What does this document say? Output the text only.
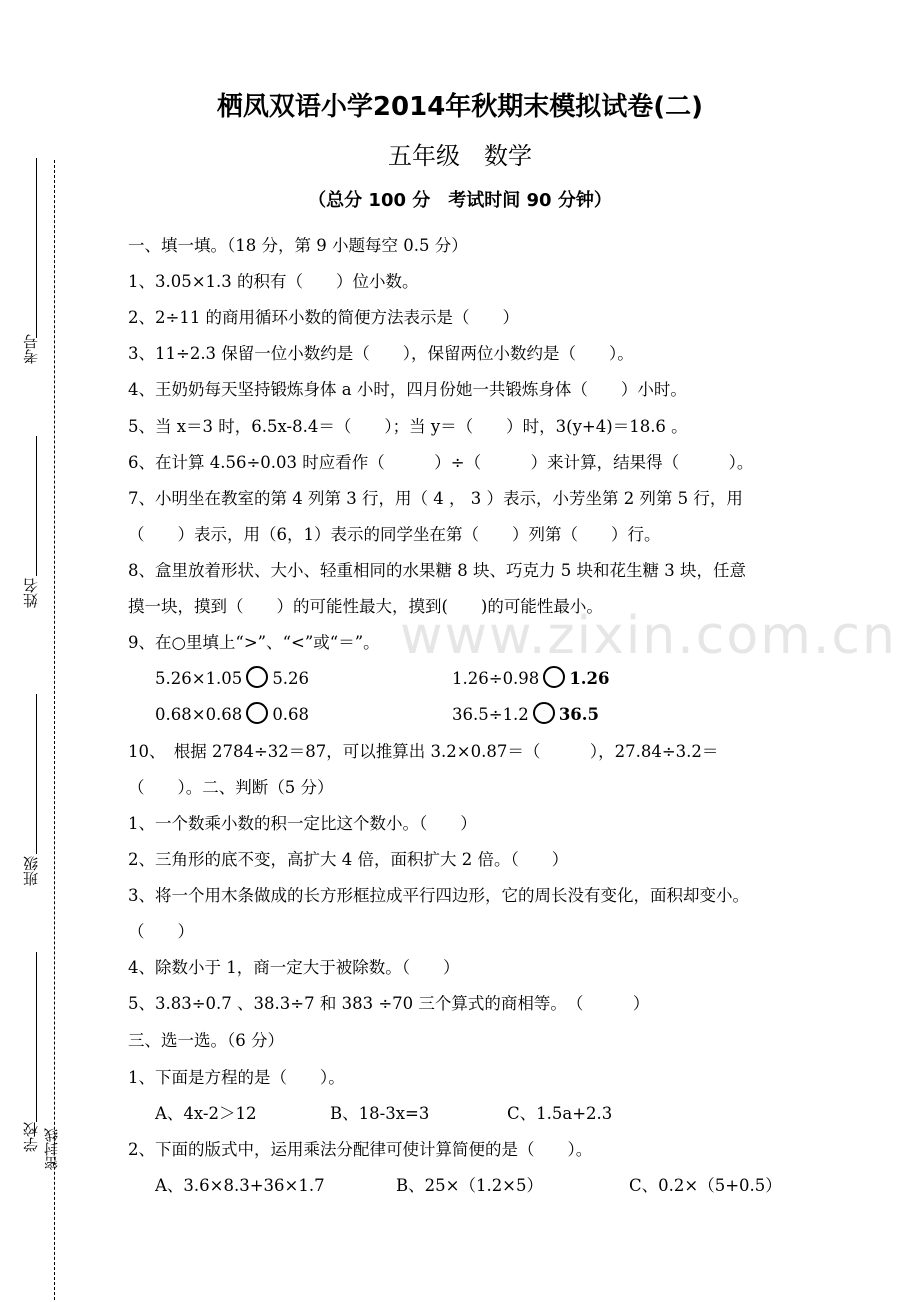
考号
姓名
班级
学校 密封线
www.zixin.com.cn
栖凤双语小学2014年秋期末模拟试卷(二)
五年级　数学
（总分 100 分　考试时间 90 分钟）
一、填一填。（18 分，第 9 小题每空 0.5 分）
1、3.05×1.3 的积有（　　）位小数。
2、2÷11 的商用循环小数的简便方法表示是（　　）
3、11÷2.3 保留一位小数约是（　　），保留两位小数约是（　　）。
4、王奶奶每天坚持锻炼身体 a 小时，四月份她一共锻炼身体（　　）小时。
5、当 x＝3 时，6.5x-8.4＝（　　）；当 y＝（　　）时，3(y+4)＝18.6 。
6、在计算 4.56÷0.03 时应看作（　　　）÷（　　　）来计算，结果得（　　　）。
7、小明坐在教室的第 4 列第 3 行，用（ 4 ， 3 ）表示，小芳坐第 2 列第 5 行，用
（　　）表示，用（6，1）表示的同学坐在第（　　）列第（　　）行。
8、盒里放着形状、大小、轻重相同的水果糖 8 块、巧克力 5 块和花生糖 3 块，任意
摸一块，摸到（　　）的可能性最大，摸到(　　)的可能性最小。
9、在○里填上“>”、“<”或“＝”。
5.26×1.05 5.26	1.26÷0.98 1.26
0.68×0.68 0.68	36.5÷1.2 36.5
10、　根据 2784÷32＝87，可以推算出 3.2×0.87＝（　　　），27.84÷3.2＝
（　　）。二、判断（5 分）
1、一个数乘小数的积一定比这个数小。（　　）
2、三角形的底不变，高扩大 4 倍，面积扩大 2 倍。（　　）
3、将一个用木条做成的长方形框拉成平行四边形，它的周长没有变化，面积却变小。
（　　）
4、除数小于 1，商一定大于被除数。（　　）
5、3.83÷0.7 、38.3÷7 和 383 ÷70 三个算式的商相等。　（　　　）
三、选一选。（6 分）
1、下面是方程的是（　　）。
A、4x-2＞12	B、18-3x=3	C、1.5a+2.3
2、下面的版式中，运用乘法分配律可使计算简便的是（　　）。
A、3.6×8.3+36×1.7	B、25×（1.2×5）	C、0.2×（5+0.5）
